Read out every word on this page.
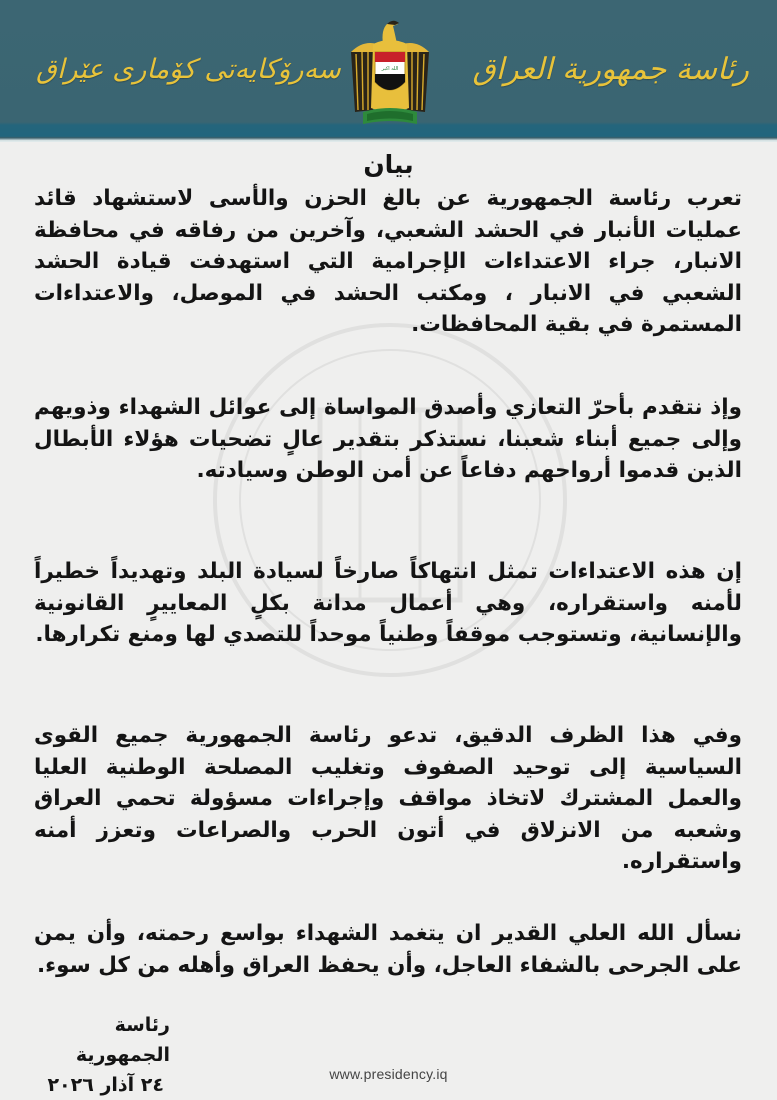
سەرۆکایەتی کۆماری عێراق	الله اكبر رئاسة جمهورية العراق
بيان
تعرب رئاسة الجمهورية عن بالغ الحزن والأسى لاستشهاد قائد عمليات الأنبار في الحشد الشعبي، وآخرين من رفاقه في محافظة الانبار، جراء الاعتداءات الإجرامية التي استهدفت قيادة الحشد الشعبي في الانبار ، ومكتب الحشد في الموصل، والاعتداءات المستمرة في بقية المحافظات.
وإذ نتقدم بأحرّ التعازي وأصدق المواساة إلى عوائل الشهداء وذويهم وإلى جميع أبناء شعبنا، نستذكر بتقدير عالٍ تضحيات هؤلاء الأبطال الذين قدموا أرواحهم دفاعاً عن أمن الوطن وسيادته.
إن هذه الاعتداءات تمثل انتهاكاً صارخاً لسيادة البلد وتهديداً خطيراً لأمنه واستقراره، وهي أعمال مدانة بكلٍ المعاييرٍ القانونية والإنسانية، وتستوجب موقفاً وطنياً موحداً للتصدي لها ومنع تكرارها.
وفي هذا الظرف الدقيق، تدعو رئاسة الجمهورية جميع القوى السياسية إلى توحيد الصفوف وتغليب المصلحة الوطنية العليا والعمل المشترك لاتخاذ مواقف وإجراءات مسؤولة تحمي العراق وشعبه من الانزلاق في أتون الحرب والصراعات وتعزز أمنه واستقراره.
نسأل الله العلي القدير ان يتغمد الشهداء بواسع رحمته، وأن يمن على الجرحى بالشفاء العاجل، وأن يحفظ العراق وأهله من كل سوء.
رئاسة الجمهورية
٢٤ آذار ٢٠٢٦	www.presidency.iq
